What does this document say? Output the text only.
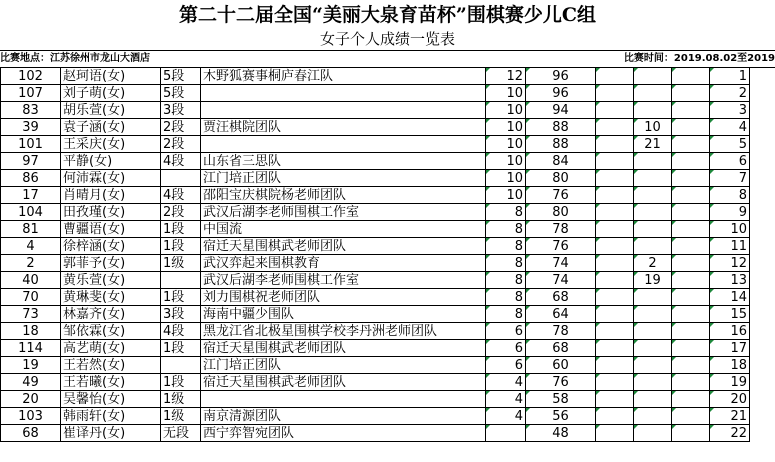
第二十二届全国“美丽大泉育苗杯”围棋赛少儿C组
女子个人成绩一览表
比赛地点：江苏徐州市龙山大酒店	比赛时间：2019.08.02至2019
102	赵珂语(女)	5段	木野狐赛事桐庐春江队	12	96				1
107	刘子萌(女)	5段		10	96				2
83	胡乐萱(女)	3段		10	94				3
39	袁子涵(女)	2段	贾汪棋院团队	10	88		10		4
101	王采庆(女)	2段		10	88		21		5
97	平静(女)	4段	山东省三思队	10	84				6
86	何沛霖(女)		江门培正团队	10	80				7
17	肖晴月(女)	4段	邵阳宝庆棋院杨老师团队	10	76				8
104	田孜瑾(女)	2段	武汉后湖李老师围棋工作室	8	80				9
81	曹疆语(女)	1段	中国流	8	78				10
4	徐梓涵(女)	1段	宿迁天星围棋武老师团队	8	76				11
2	郭菲予(女)	1级	武汉弈起来围棋教育	8	74		2		12
40	黄乐萱(女)		武汉后湖李老师围棋工作室	8	74		19		13
70	黄琳斐(女)	1段	刘力围棋祝老师团队	8	68				14
73	林嘉齐(女)	3段	海南中疆少围队	8	64				15
18	邹依霖(女)	4段	黑龙江省北极星围棋学校李丹洲老师团队	6	78				16
114	高艺萌(女)	1段	宿迁天星围棋武老师团队	6	68				17
19	王若然(女)		江门培正团队	6	60				18
49	王若曦(女)	1段	宿迁天星围棋武老师团队	4	76				19
20	吴馨怡(女)	1级		4	58				20
103	韩雨轩(女)	1级	南京清源团队	4	56				21
68	崔译丹(女)	无段	西宁弈智宛团队		48				22
